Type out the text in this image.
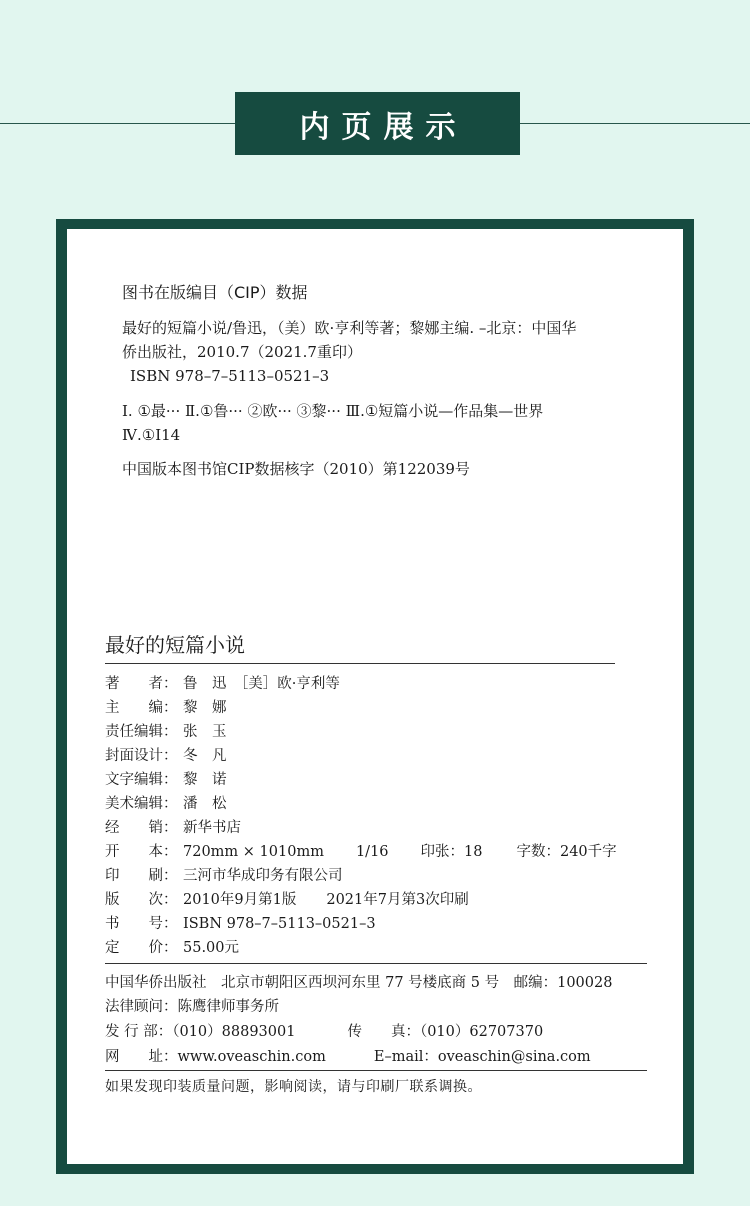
内页展示
图书在版编目（CIP）数据
最好的短篇小说/鲁迅，（美）欧·亨利等著；黎娜主编. –北京：中国华
侨出版社，2010.7（2021.7重印）
ISBN 978–7–5113–0521–3
I. ①最··· Ⅱ.①鲁··· ②欧··· ③黎··· Ⅲ.①短篇小说—作品集—世界
Ⅳ.①I14
中国版本图书馆CIP数据核字（2010）第122039号
最好的短篇小说
著　　者： 鲁　迅　［美］欧·亨利等
主　　编： 黎　娜
责任编辑： 张　玉
封面设计： 冬　凡
文字编辑： 黎　诺
美术编辑： 潘　松
经　　销： 新华书店
开　　本： 720mm × 1010mm 1/16 印张：18 字数：240千字
印　　刷： 三河市华成印务有限公司
版　　次： 2010年9月第1版 2021年7月第3次印刷
书　　号： ISBN 978–7–5113–0521–3
定　　价： 55.00元
中国华侨出版社　北京市朝阳区西坝河东里 77 号楼底商 5 号　邮编：100028
法律顾问：陈鹰律师事务所
发 行 部：（010）88893001	传　　真：（010）62707370
网　　址：www.oveaschin.com	E–mail：oveaschin@sina.com
如果发现印装质量问题，影响阅读，请与印刷厂联系调换。
